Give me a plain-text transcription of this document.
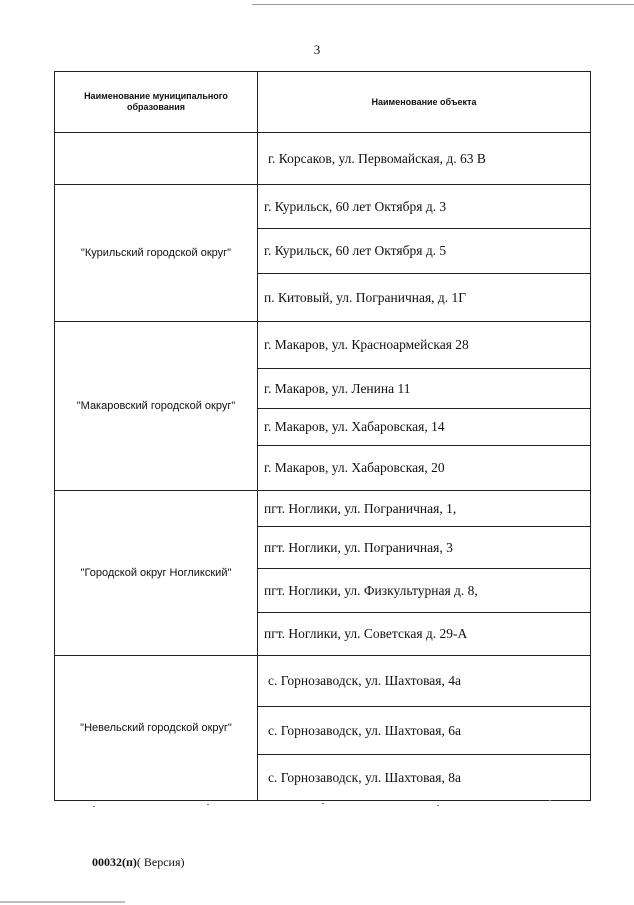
3
Наименование муниципального образования	Наименование объекта
	г. Корсаков, ул. Первомайская, д. 63 В
"Курильский городской округ"	г. Курильск, 60 лет Октября д. 3
	г. Курильск, 60 лет Октября д. 5
	п. Китовый, ул. Пограничная, д. 1Г
"Макаровский городской округ"	г. Макаров, ул. Красноармейская 28
	г. Макаров, ул. Ленина 11
	г. Макаров, ул. Хабаровская, 14
	г. Макаров, ул. Хабаровская, 20
"Городской округ Ногликский"	пгт. Ноглики, ул. Пограничная, 1,
	пгт. Ноглики, ул. Пограничная, 3
	пгт. Ноглики, ул. Физкультурная д. 8,
	пгт. Ноглики, ул. Советская д. 29-А
"Невельский городской округ"	с. Горнозаводск, ул. Шахтовая, 4а
	с. Горнозаводск, ул. Шахтовая, 6а
	с. Горнозаводск, ул. Шахтовая, 8а
00032(п)( Версия)
